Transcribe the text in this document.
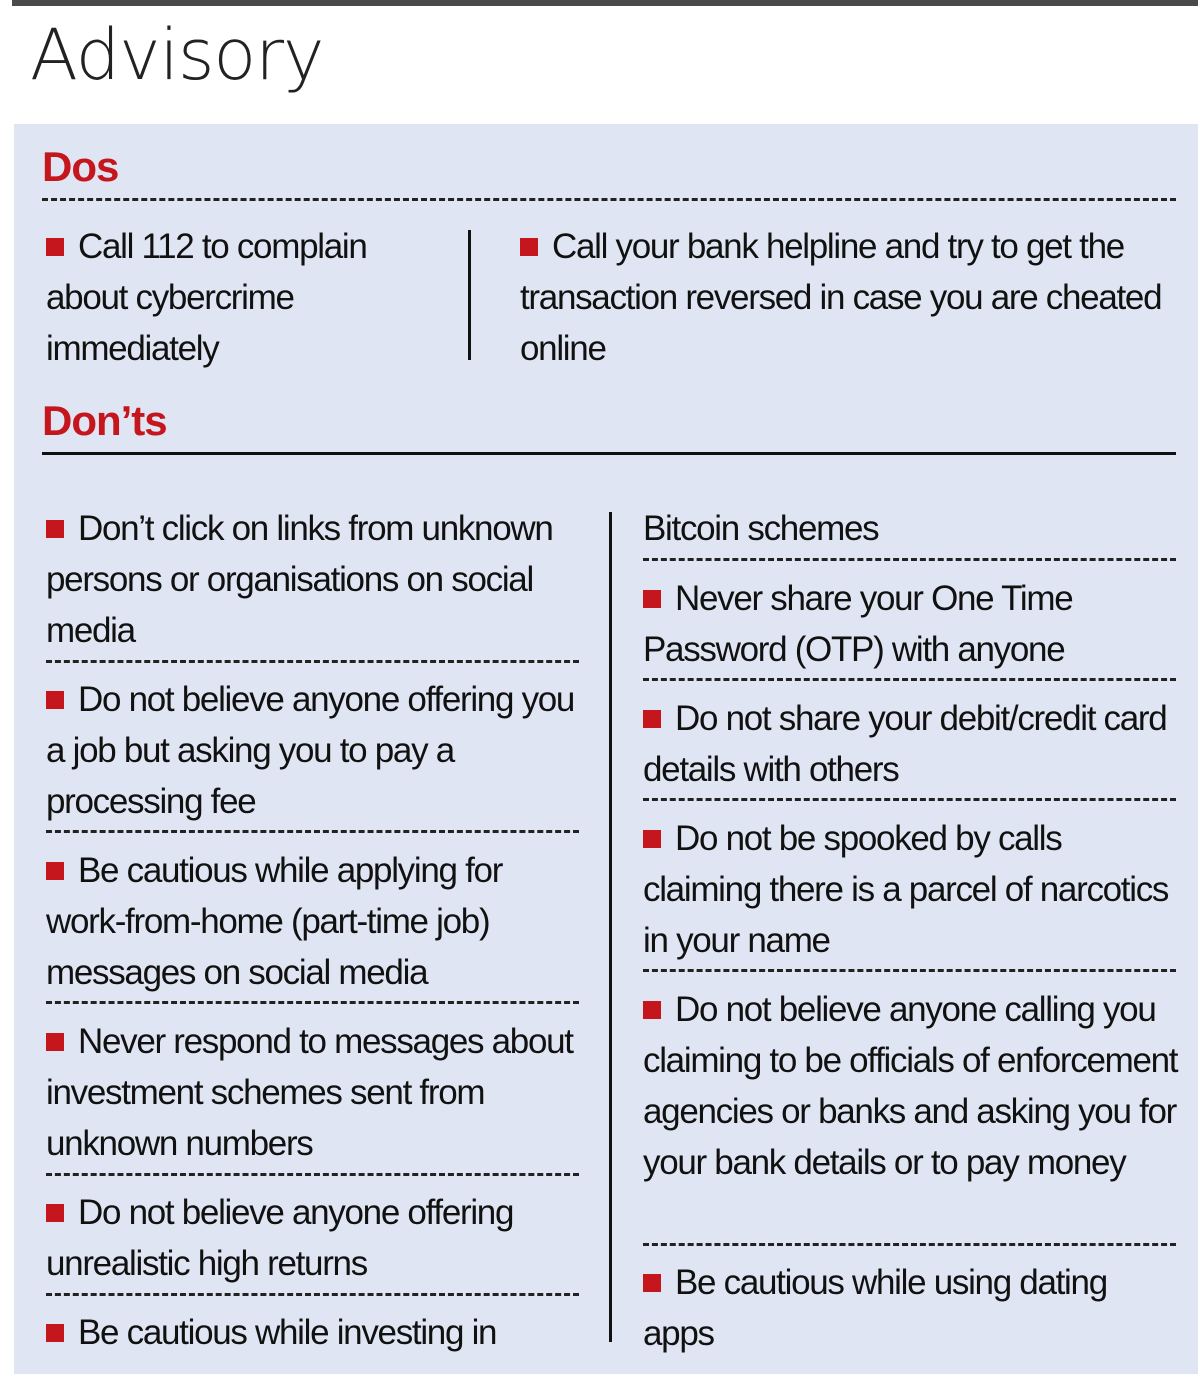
Advisory
Dos
Call 112 to complain about cybercrime immediately
Call your bank helpline and try to get the transaction reversed in case you are cheated online
Don’ts
Don’t click on links from unknown persons or organisations on social media
Do not believe anyone offering you a job but asking you to pay a processing fee
Be cautious while applying for work-from-home (part-time job) messages on social media
Never respond to messages about investment schemes sent from unknown numbers
Do not believe anyone offering unrealistic high returns
Be cautious while investing in
Bitcoin schemes
Never share your One Time Password (OTP) with anyone
Do not share your debit/credit card details with others
Do not be spooked by calls claiming there is a parcel of narcotics in your name
Do not believe anyone calling you claiming to be officials of enforcement agencies or banks and asking you for your bank details or to pay money
Be cautious while using dating apps
